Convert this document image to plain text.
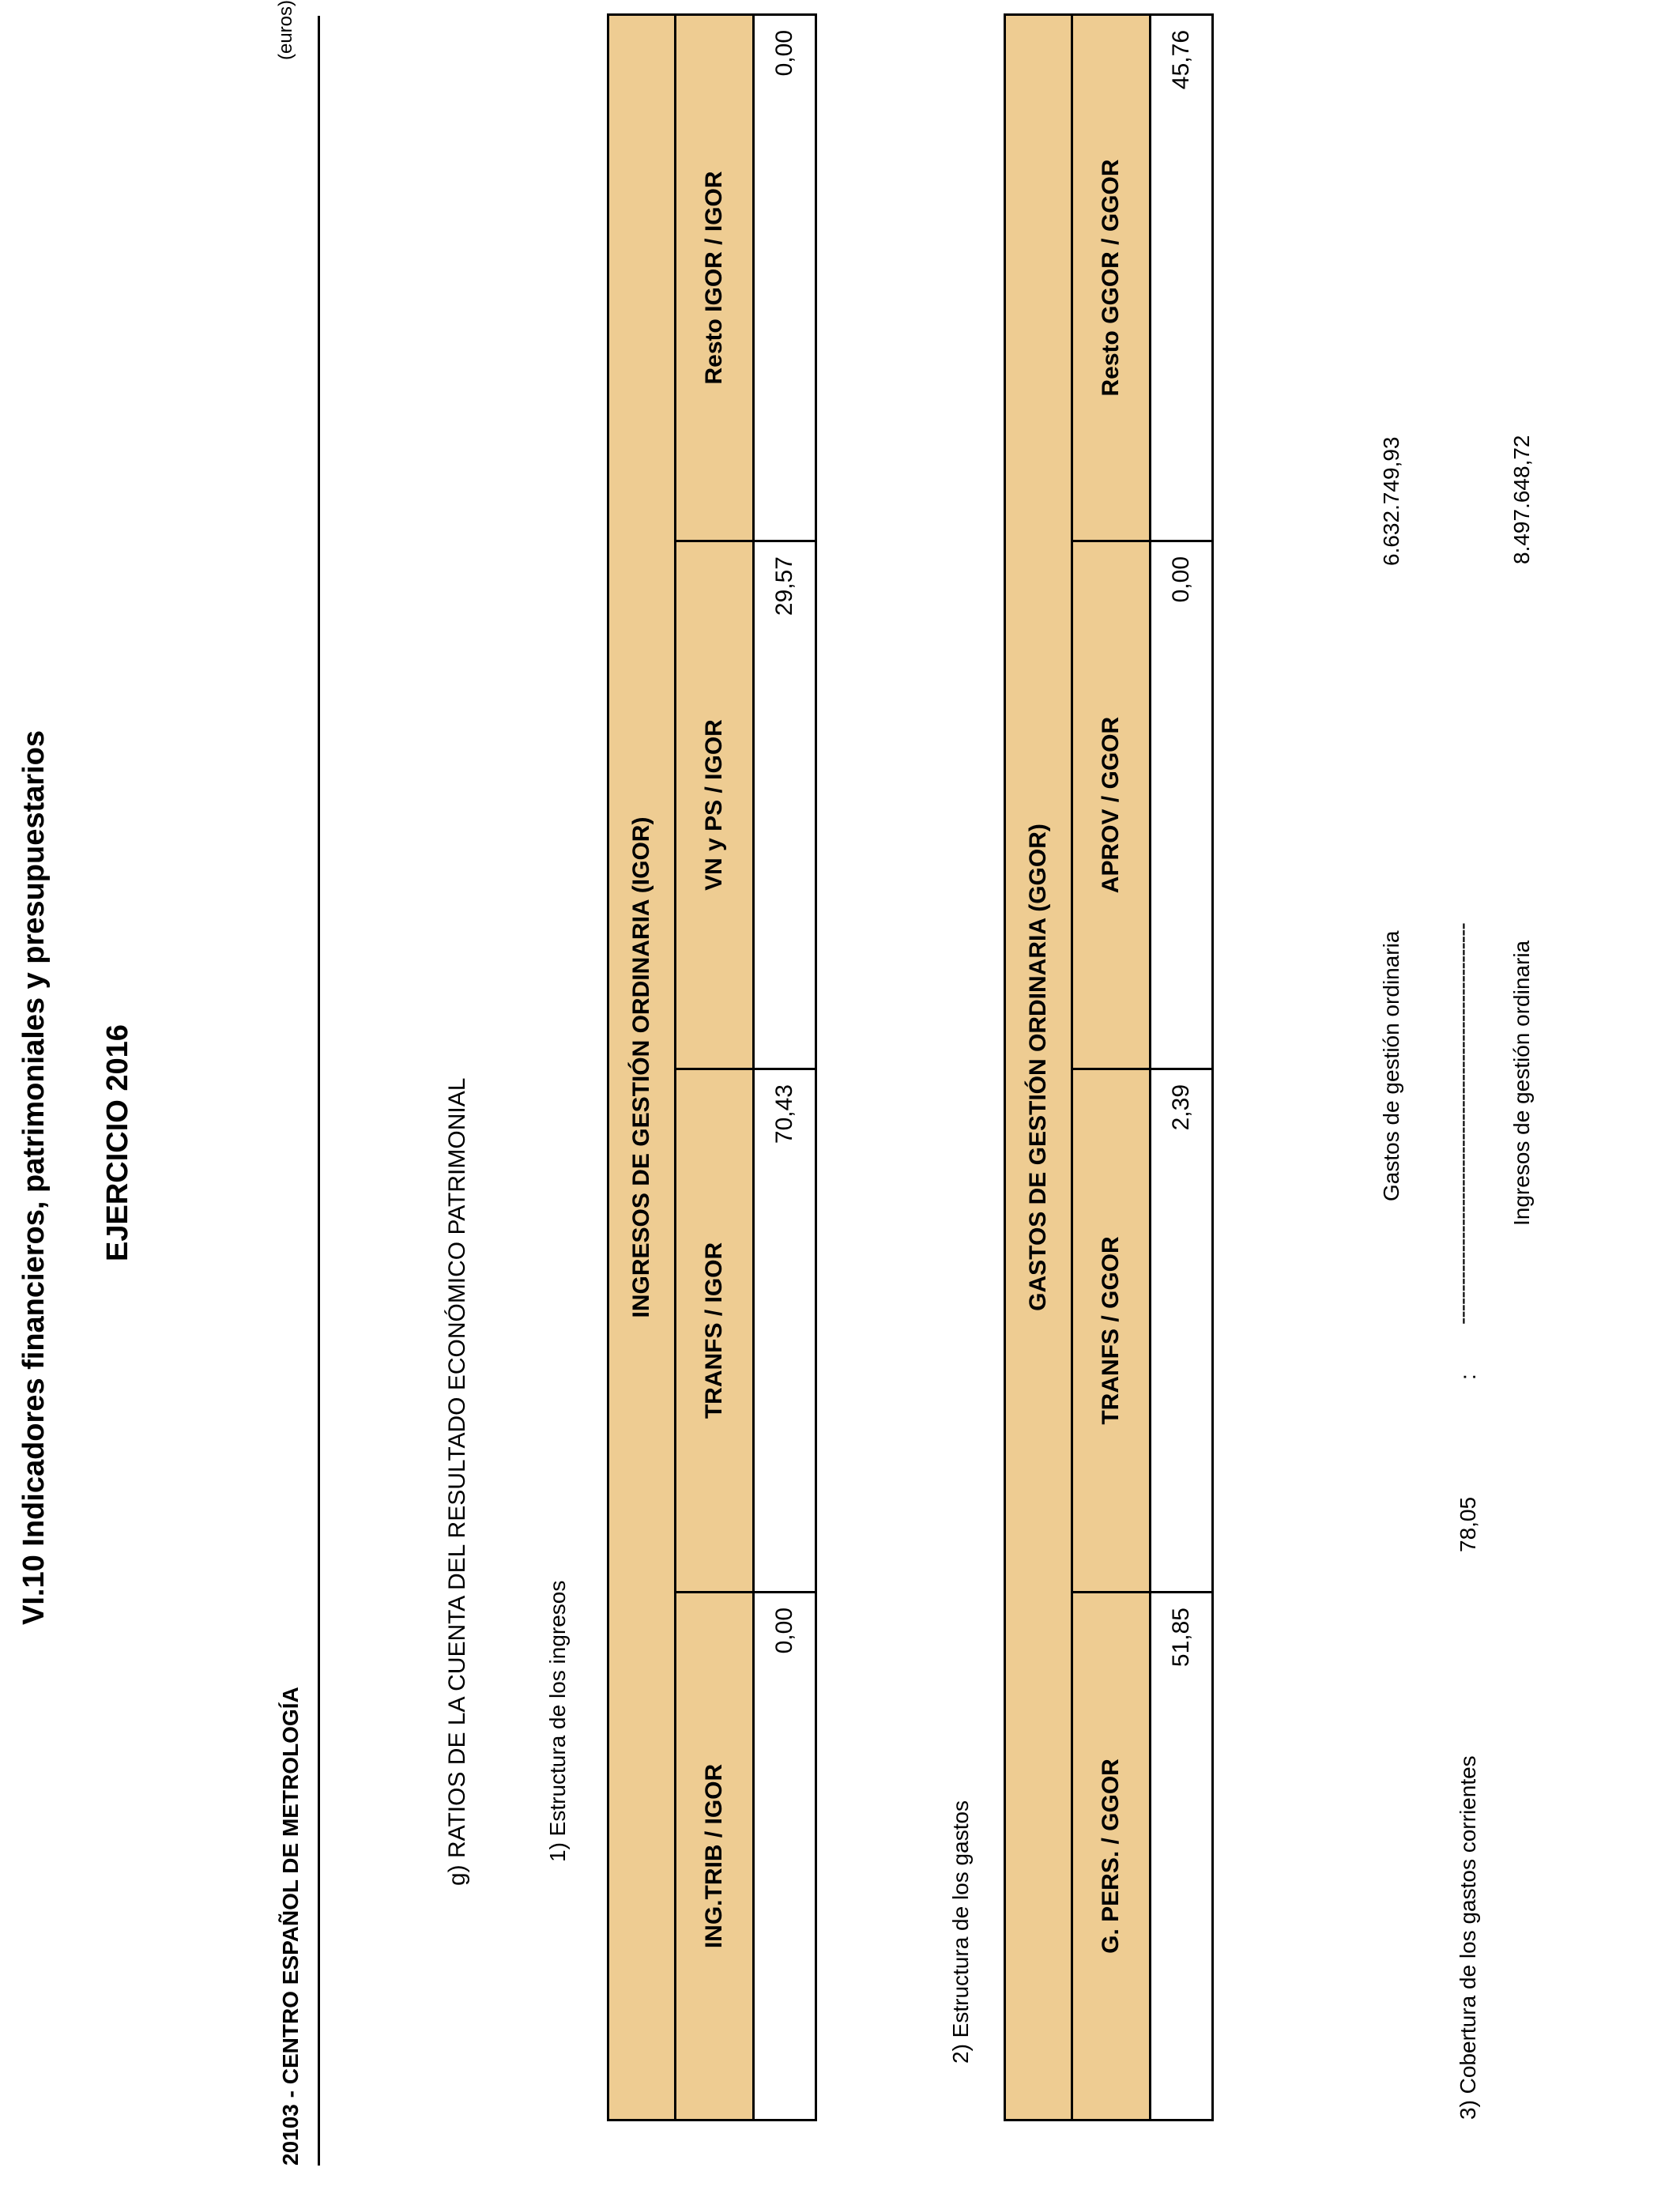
VI.10 Indicadores financieros, patrimoniales y presupuestarios EJERCICIO 2016
20103 - CENTRO ESPAÑOL DE METROLOGÍA
(euros)
g) RATIOS DE LA CUENTA DEL RESULTADO ECONÓMICO PATRIMONIAL	1) Estructura de los ingresos
INGRESOS DE GESTIÓN ORDINARIA (IGOR)			
ING.TRIB / IGOR	TRANFS / IGOR	VN y PS / IGOR	Resto IGOR / IGOR
0,00	70,43	29,57	0,00
2) Estructura de los gastos
GASTOS DE GESTIÓN ORDINARIA (GGOR)			
G. PERS. / GGOR	TRANFS / GGOR	APROV / GGOR	Resto GGOR / GGOR
51,85	2,39	0,00	45,76
3) Cobertura de los gastos corrientes
78,05
:
Gastos de gestión ordinaria
6.632.749,93
------------------------------------------------------------- Ingresos de gestión ordinaria
8.497.648,72
